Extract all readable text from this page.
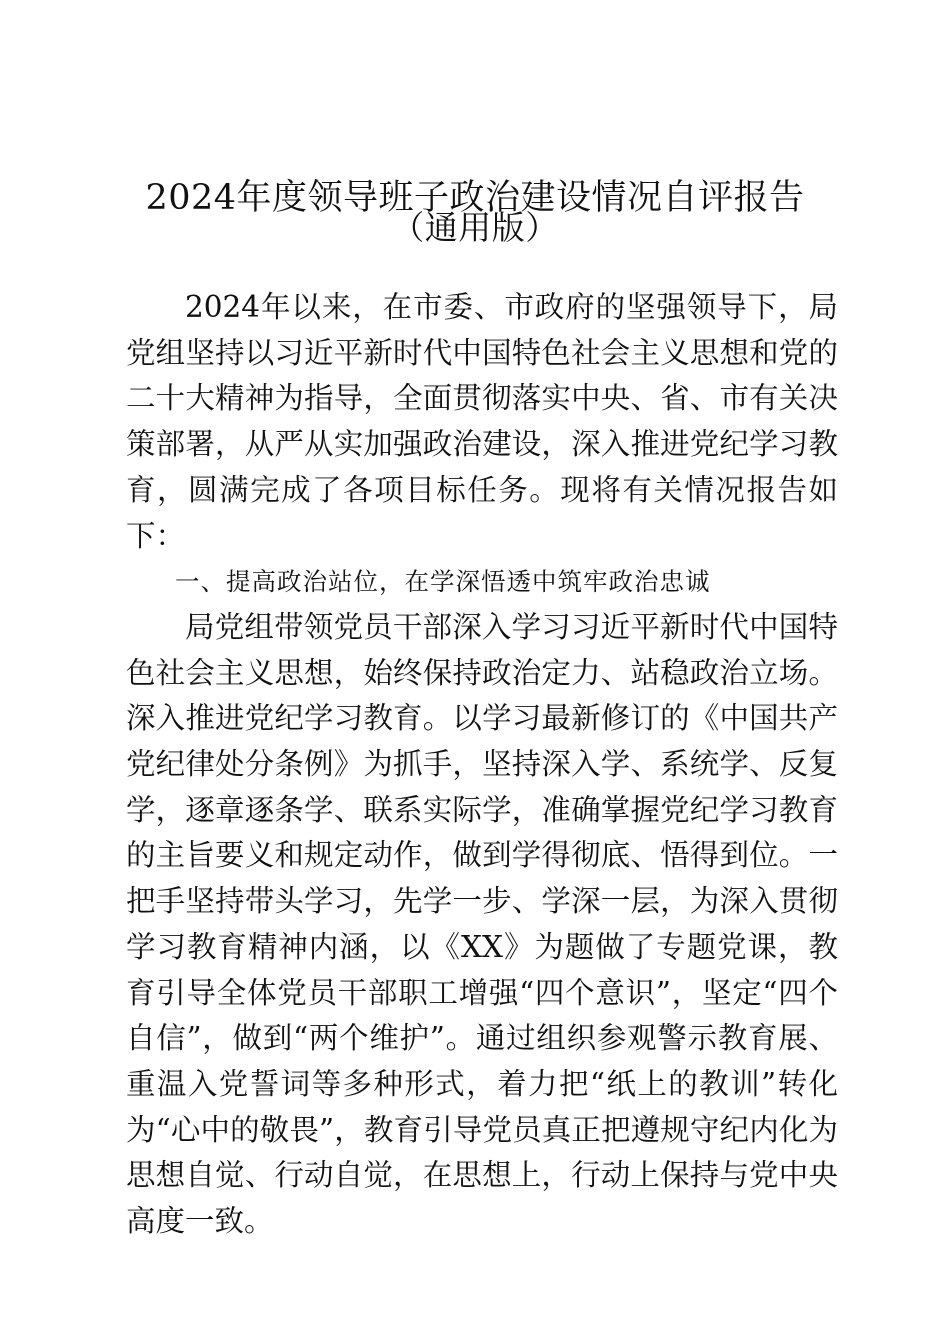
2024年度领导班子政治建设情况自评报告
（通用版）

2024年以来，在市委、市政府的坚强领导下，局党组坚持以习近平新时代中国特色社会主义思想和党的二十大精神为指导，全面贯彻落实中央、省、市有关决策部署，从严从实加强政治建设，深入推进党纪学习教育，圆满完成了各项目标任务。现将有关情况报告如下：

一、提高政治站位，在学深悟透中筑牢政治忠诚

局党组带领党员干部深入学习习近平新时代中国特色社会主义思想，始终保持政治定力、站稳政治立场。深入推进党纪学习教育。以学习最新修订的《中国共产党纪律处分条例》为抓手，坚持深入学、系统学、反复学，逐章逐条学、联系实际学，准确掌握党纪学习教育的主旨要义和规定动作，做到学得彻底、悟得到位。一把手坚持带头学习，先学一步、学深一层，为深入贯彻学习教育精神内涵，以《XX》为题做了专题党课，教育引导全体党员干部职工增强“四个意识”，坚定“四个自信”，做到“两个维护”。通过组织参观警示教育展、重温入党誓词等多种形式，着力把“纸上的教训”转化为“心中的敬畏”，教育引导党员真正把遵规守纪内化为思想自觉、行动自觉，在思想上，行动上保持与党中央高度一致。
